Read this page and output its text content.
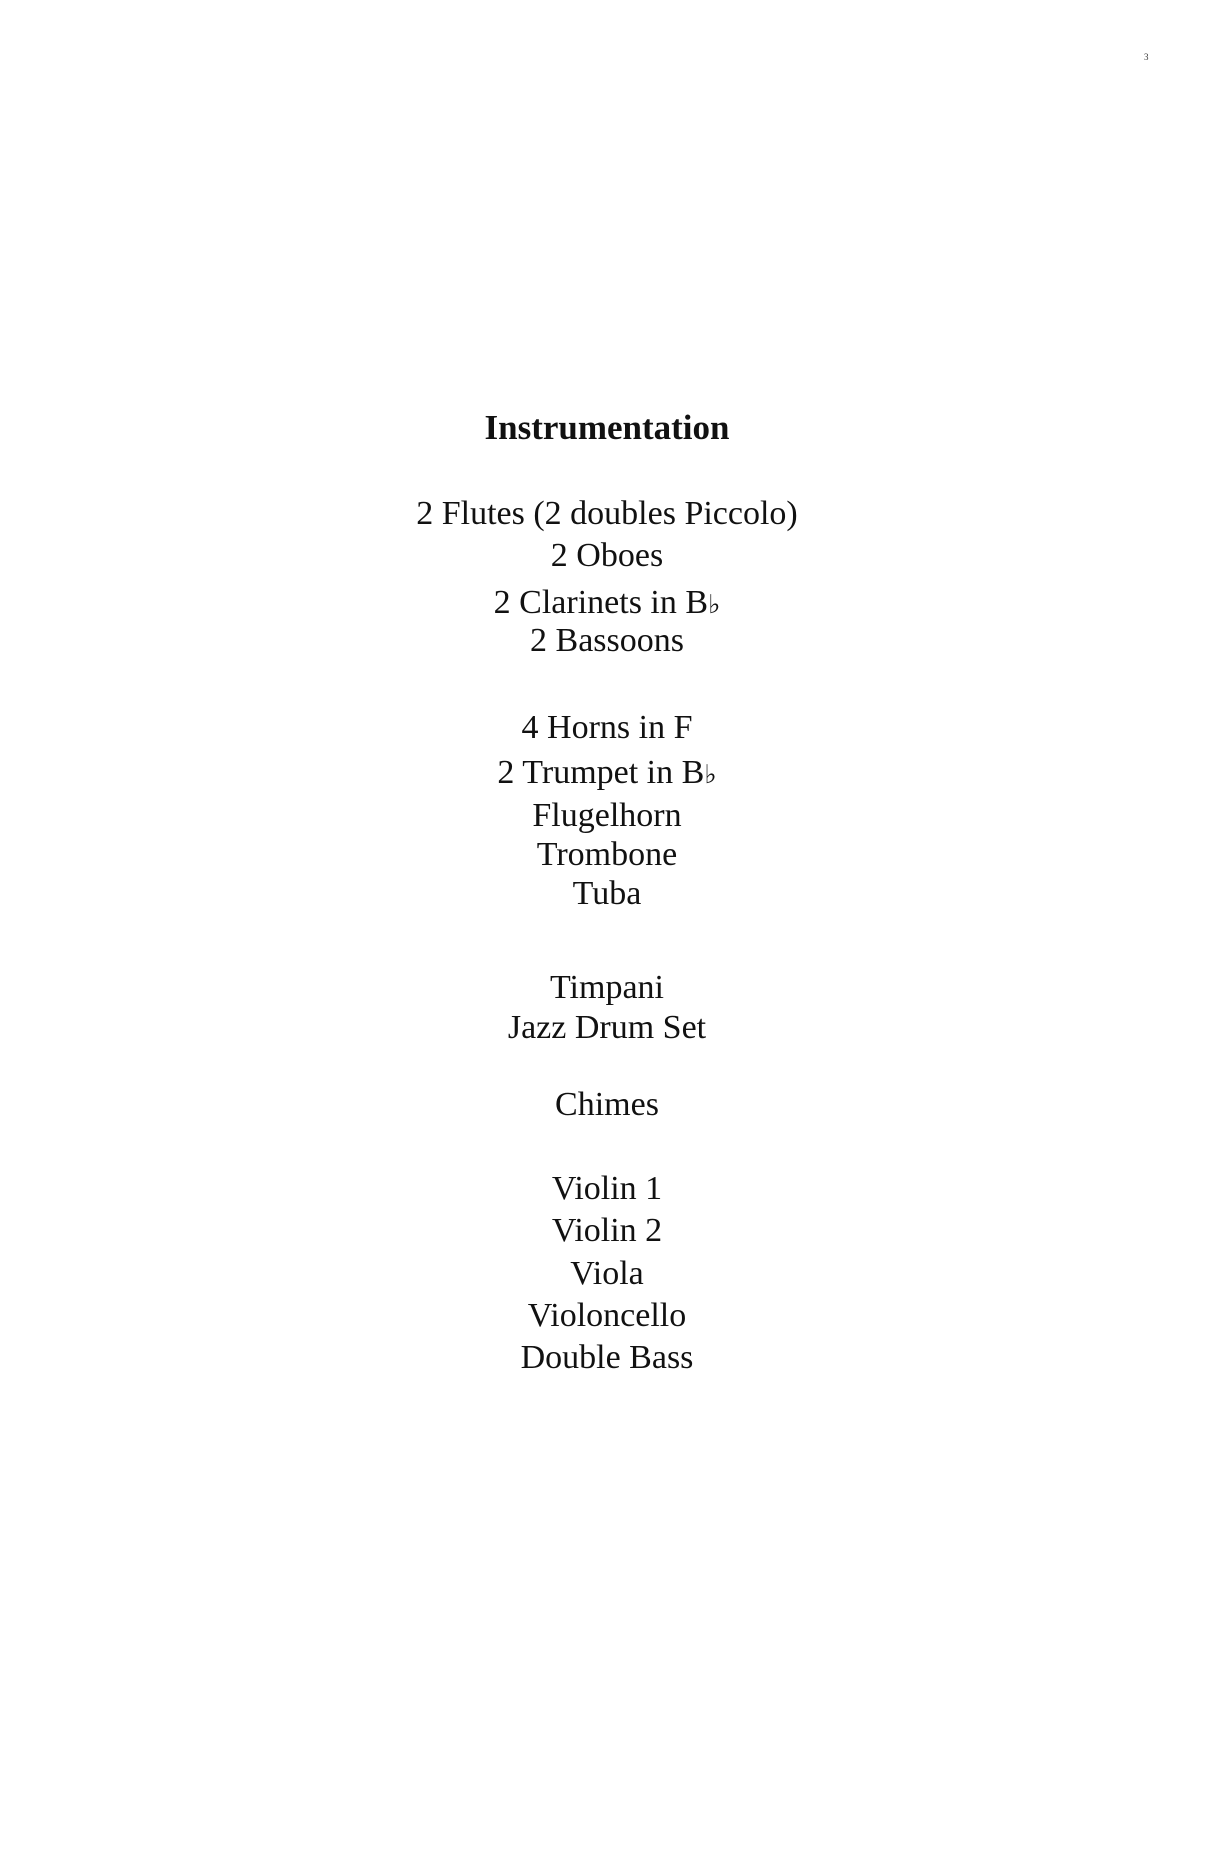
3
Instrumentation
2 Flutes (2 doubles Piccolo)
2 Oboes
2 Clarinets in B♭
2 Bassoons
4 Horns in F
2 Trumpet in B♭
Flugelhorn
Trombone
Tuba
Timpani
Jazz Drum Set
Chimes
Violin 1
Violin 2
Viola
Violoncello
Double Bass
